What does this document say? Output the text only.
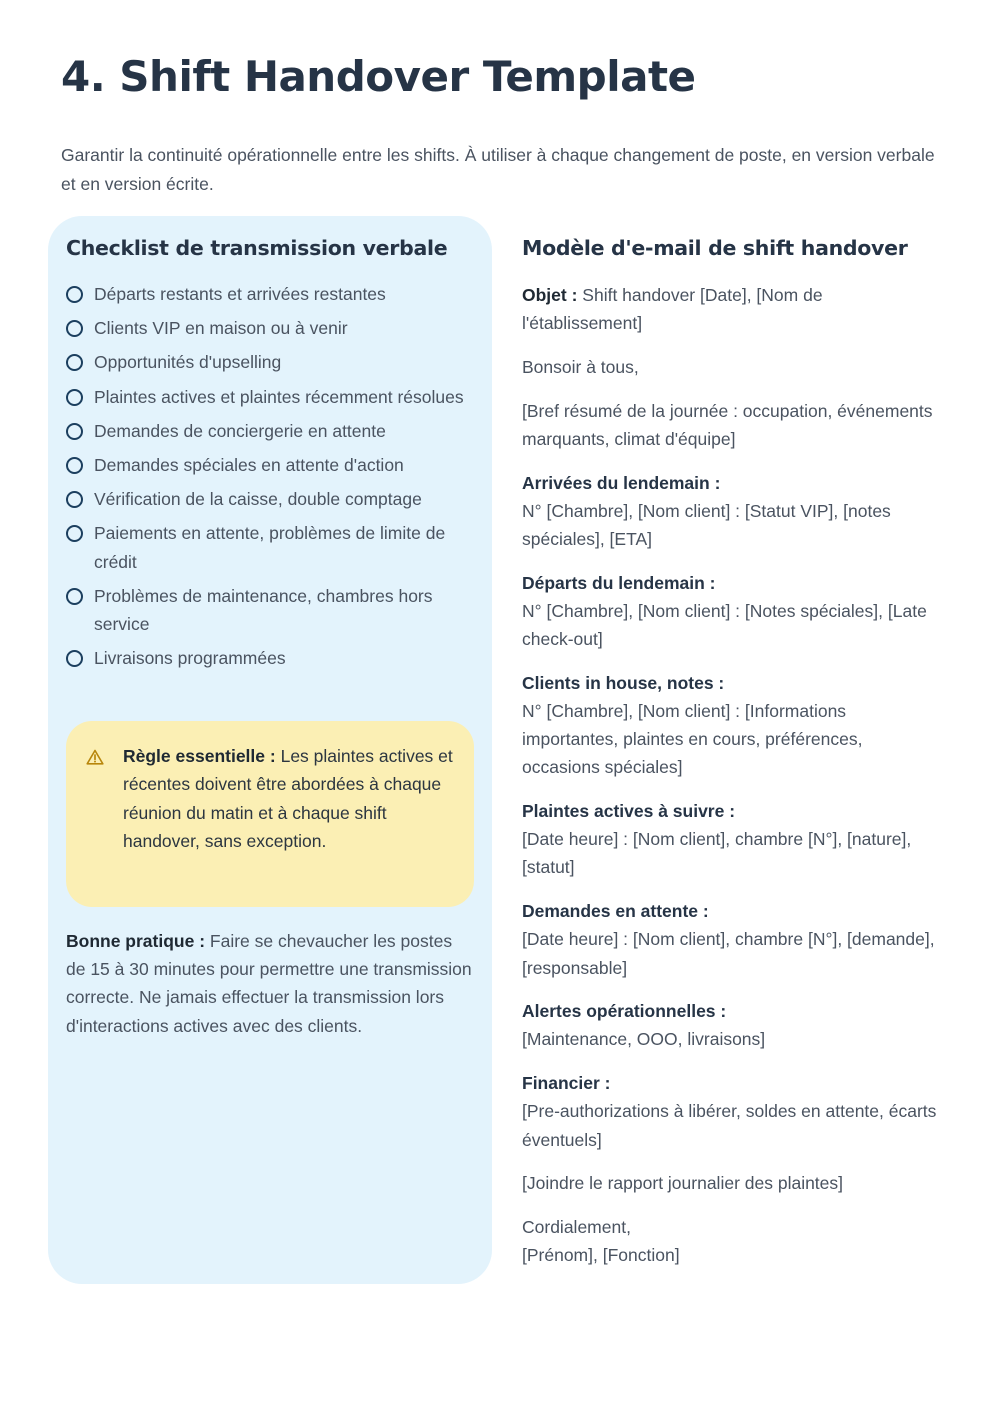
4. Shift Handover Template

Garantir la continuité opérationnelle entre les shifts. À utiliser à chaque changement de poste, en version verbale et en version écrite.

Checklist de transmission verbale
Départs restants et arrivées restantes
Clients VIP en maison ou à venir
Opportunités d'upselling
Plaintes actives et plaintes récemment résolues
Demandes de conciergerie en attente
Demandes spéciales en attente d'action
Vérification de la caisse, double comptage
Paiements en attente, problèmes de limite de crédit
Problèmes de maintenance, chambres hors service
Livraisons programmées

Règle essentielle : Les plaintes actives et récentes doivent être abordées à chaque réunion du matin et à chaque shift handover, sans exception.

Bonne pratique : Faire se chevaucher les postes de 15 à 30 minutes pour permettre une transmission correcte. Ne jamais effectuer la transmission lors d'interactions actives avec des clients.

Modèle d'e-mail de shift handover

Objet : Shift handover [Date], [Nom de l'établissement]

Bonsoir à tous,

[Bref résumé de la journée : occupation, événements marquants, climat d'équipe]

Arrivées du lendemain :
N° [Chambre], [Nom client] : [Statut VIP], [notes spéciales], [ETA]
Départs du lendemain :
N° [Chambre], [Nom client] : [Notes spéciales], [Late check-out]
Clients in house, notes :
N° [Chambre], [Nom client] : [Informations importantes, plaintes en cours, préférences, occasions spéciales]
Plaintes actives à suivre :
[Date heure] : [Nom client], chambre [N°], [nature], [statut]
Demandes en attente :
[Date heure] : [Nom client], chambre [N°], [demande], [responsable]
Alertes opérationnelles :
[Maintenance, OOO, livraisons]
Financier :
[Pre-authorizations à libérer, soldes en attente, écarts éventuels]

[Joindre le rapport journalier des plaintes]

Cordialement,
[Prénom], [Fonction]
